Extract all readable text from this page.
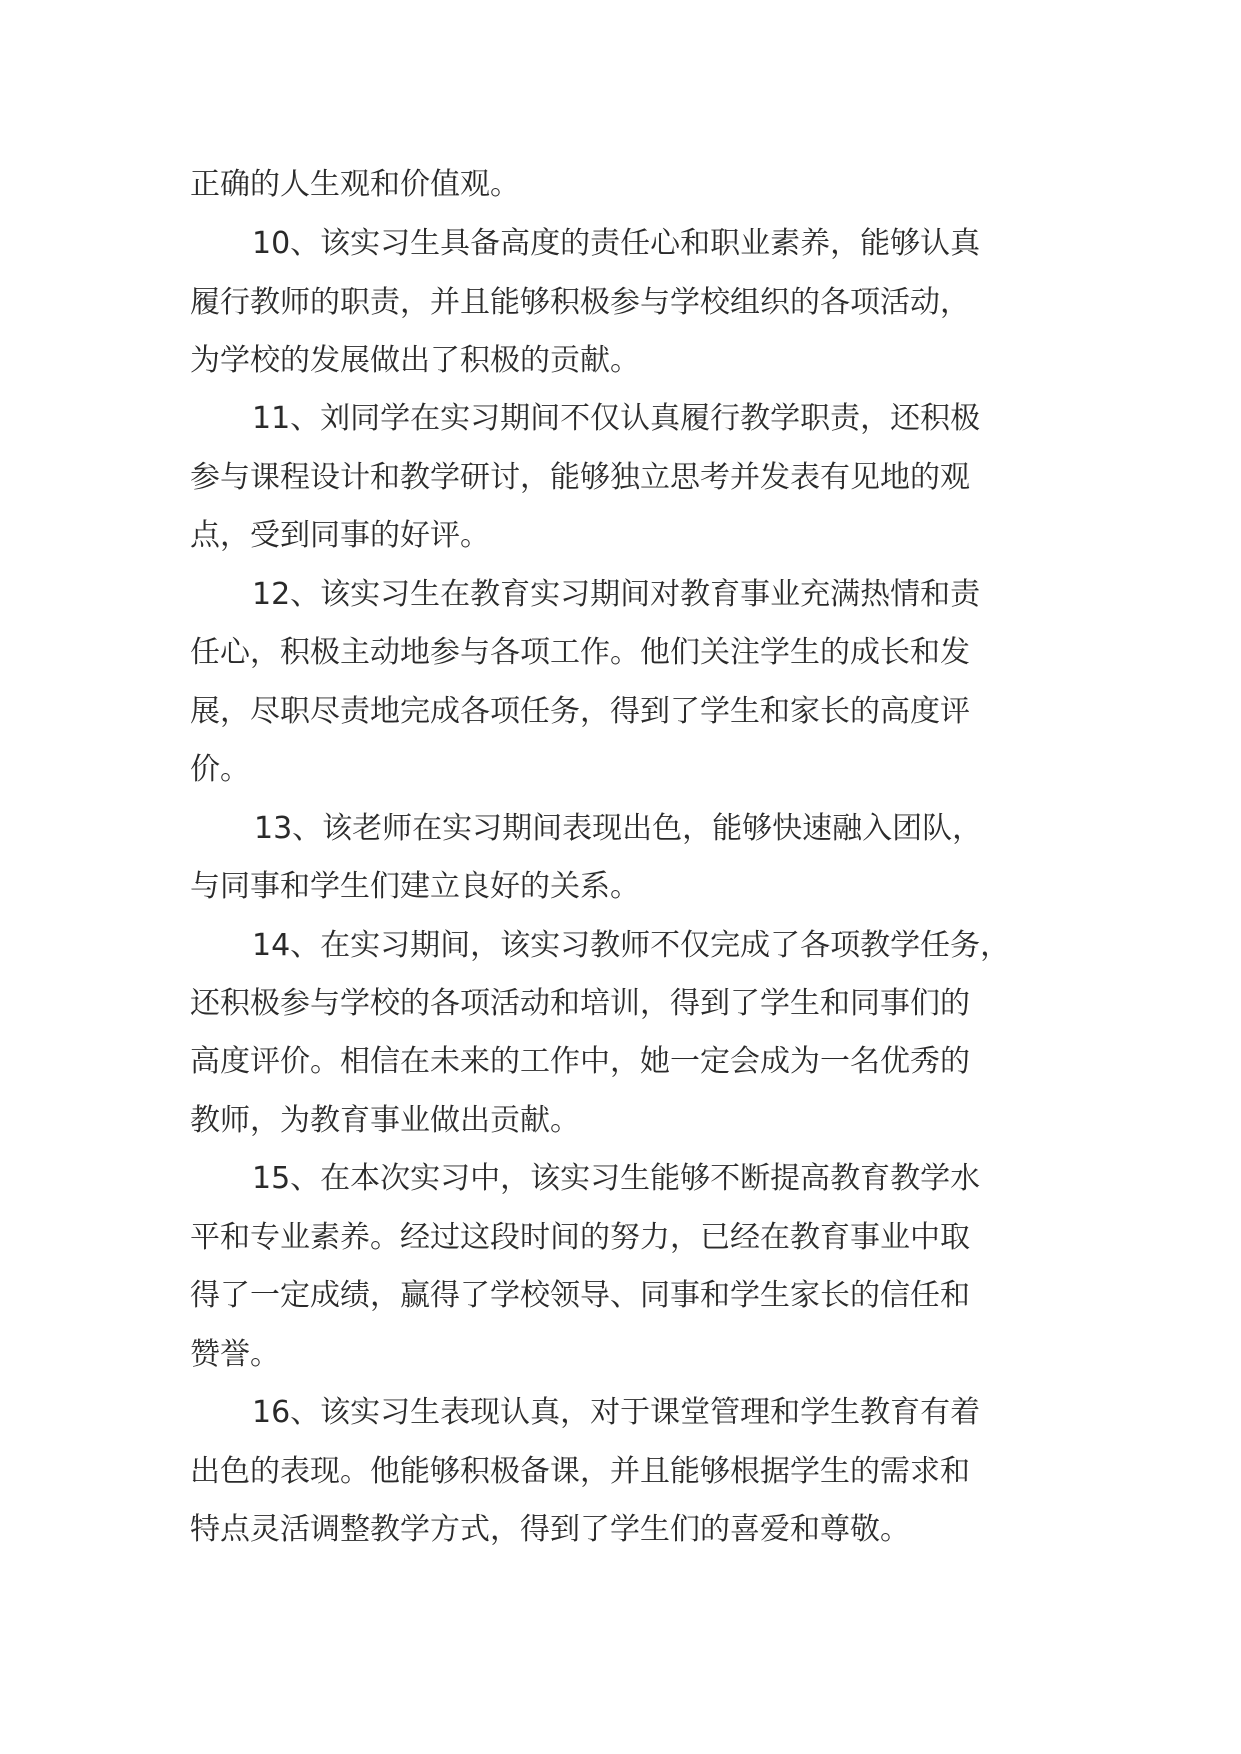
正确的人生观和价值观。
10、该实习生具备高度的责任心和职业素养，能够认真
履行教师的职责，并且能够积极参与学校组织的各项活动，
为学校的发展做出了积极的贡献。
11、刘同学在实习期间不仅认真履行教学职责，还积极
参与课程设计和教学研讨，能够独立思考并发表有见地的观
点，受到同事的好评。
12、该实习生在教育实习期间对教育事业充满热情和责
任心，积极主动地参与各项工作。他们关注学生的成长和发
展，尽职尽责地完成各项任务，得到了学生和家长的高度评
价。
13、该老师在实习期间表现出色，能够快速融入团队，
与同事和学生们建立良好的关系。
14、在实习期间，该实习教师不仅完成了各项教学任务，
还积极参与学校的各项活动和培训，得到了学生和同事们的
高度评价。相信在未来的工作中，她一定会成为一名优秀的
教师，为教育事业做出贡献。
15、在本次实习中，该实习生能够不断提高教育教学水
平和专业素养。经过这段时间的努力，已经在教育事业中取
得了一定成绩，赢得了学校领导、同事和学生家长的信任和
赞誉。
16、该实习生表现认真，对于课堂管理和学生教育有着
出色的表现。他能够积极备课，并且能够根据学生的需求和
特点灵活调整教学方式，得到了学生们的喜爱和尊敬。
